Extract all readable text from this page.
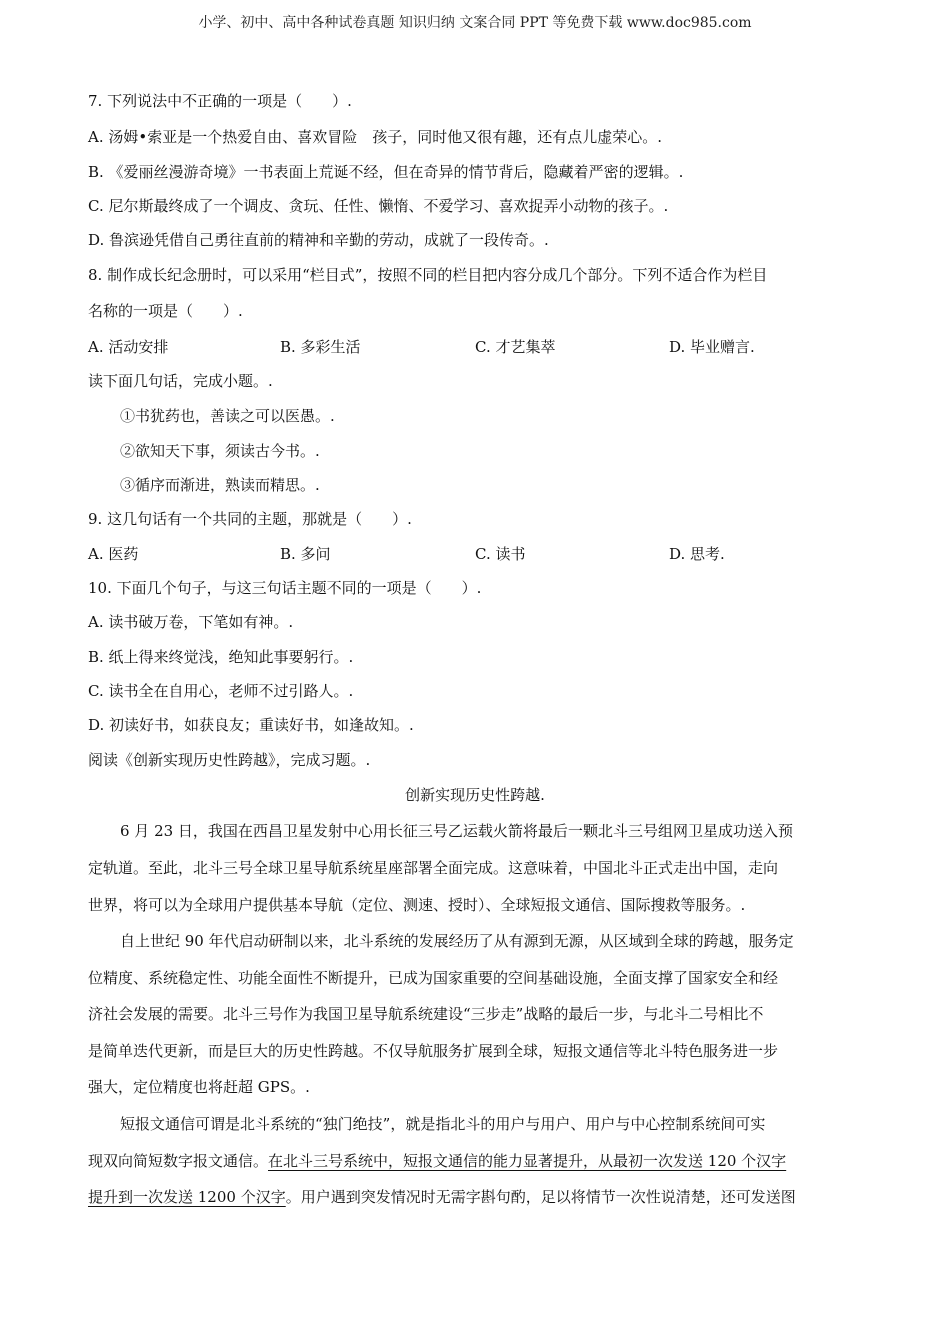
小学、初中、高中各种试卷真题 知识归纳 文案合同 PPT 等免费下载 www.doc985.com
7. 下列说法中不正确的一项是（　　）.
A. 汤姆•索亚是一个热爱自由、喜欢冒险　孩子，同时他又很有趣，还有点儿虚荣心。.
B. 《爱丽丝漫游奇境》一书表面上荒诞不经，但在奇异的情节背后，隐藏着严密的逻辑。.
C. 尼尔斯最终成了一个调皮、贪玩、任性、懒惰、不爱学习、喜欢捉弄小动物的孩子。.
D. 鲁滨逊凭借自己勇往直前的精神和辛勤的劳动，成就了一段传奇。.
8. 制作成长纪念册时，可以采用“栏目式”，按照不同的栏目把内容分成几个部分。下列不适合作为栏目
名称的一项是（　　）.
A. 活动安排	B. 多彩生活	C. 才艺集萃	D. 毕业赠言.
读下面几句话，完成小题。.
①书犹药也，善读之可以医愚。.
②欲知天下事，须读古今书。.
③循序而渐进，熟读而精思。.
9. 这几句话有一个共同的主题，那就是（　　）.
A. 医药	B. 多问	C. 读书	D. 思考.
10. 下面几个句子，与这三句话主题不同的一项是（　　）.
A. 读书破万卷，下笔如有神。.
B. 纸上得来终觉浅，绝知此事要躬行。.
C. 读书全在自用心，老师不过引路人。.
D. 初读好书，如获良友；重读好书，如逢故知。.
阅读《创新实现历史性跨越》，完成习题。.
创新实现历史性跨越.
6 月 23 日，我国在西昌卫星发射中心用长征三号乙运载火箭将最后一颗北斗三号组网卫星成功送入预
定轨道。至此，北斗三号全球卫星导航系统星座部署全面完成。这意味着，中国北斗正式走出中国，走向
世界，将可以为全球用户提供基本导航（定位、测速、授时）、全球短报文通信、国际搜救等服务。.
自上世纪 90 年代启动研制以来，北斗系统的发展经历了从有源到无源，从区域到全球的跨越，服务定
位精度、系统稳定性、功能全面性不断提升，已成为国家重要的空间基础设施，全面支撑了国家安全和经
济社会发展的需要。北斗三号作为我国卫星导航系统建设“三步走”战略的最后一步，与北斗二号相比不
是简单迭代更新，而是巨大的历史性跨越。不仅导航服务扩展到全球，短报文通信等北斗特色服务进一步
强大，定位精度也将赶超 GPS。.
短报文通信可谓是北斗系统的“独门绝技”，就是指北斗的用户与用户、用户与中心控制系统间可实
现双向简短数字报文通信。在北斗三号系统中，短报文通信的能力显著提升，从最初一次发送 120 个汉字
提升到一次发送 1200 个汉字。用户遇到突发情况时无需字斟句酌，足以将情节一次性说清楚，还可发送图
